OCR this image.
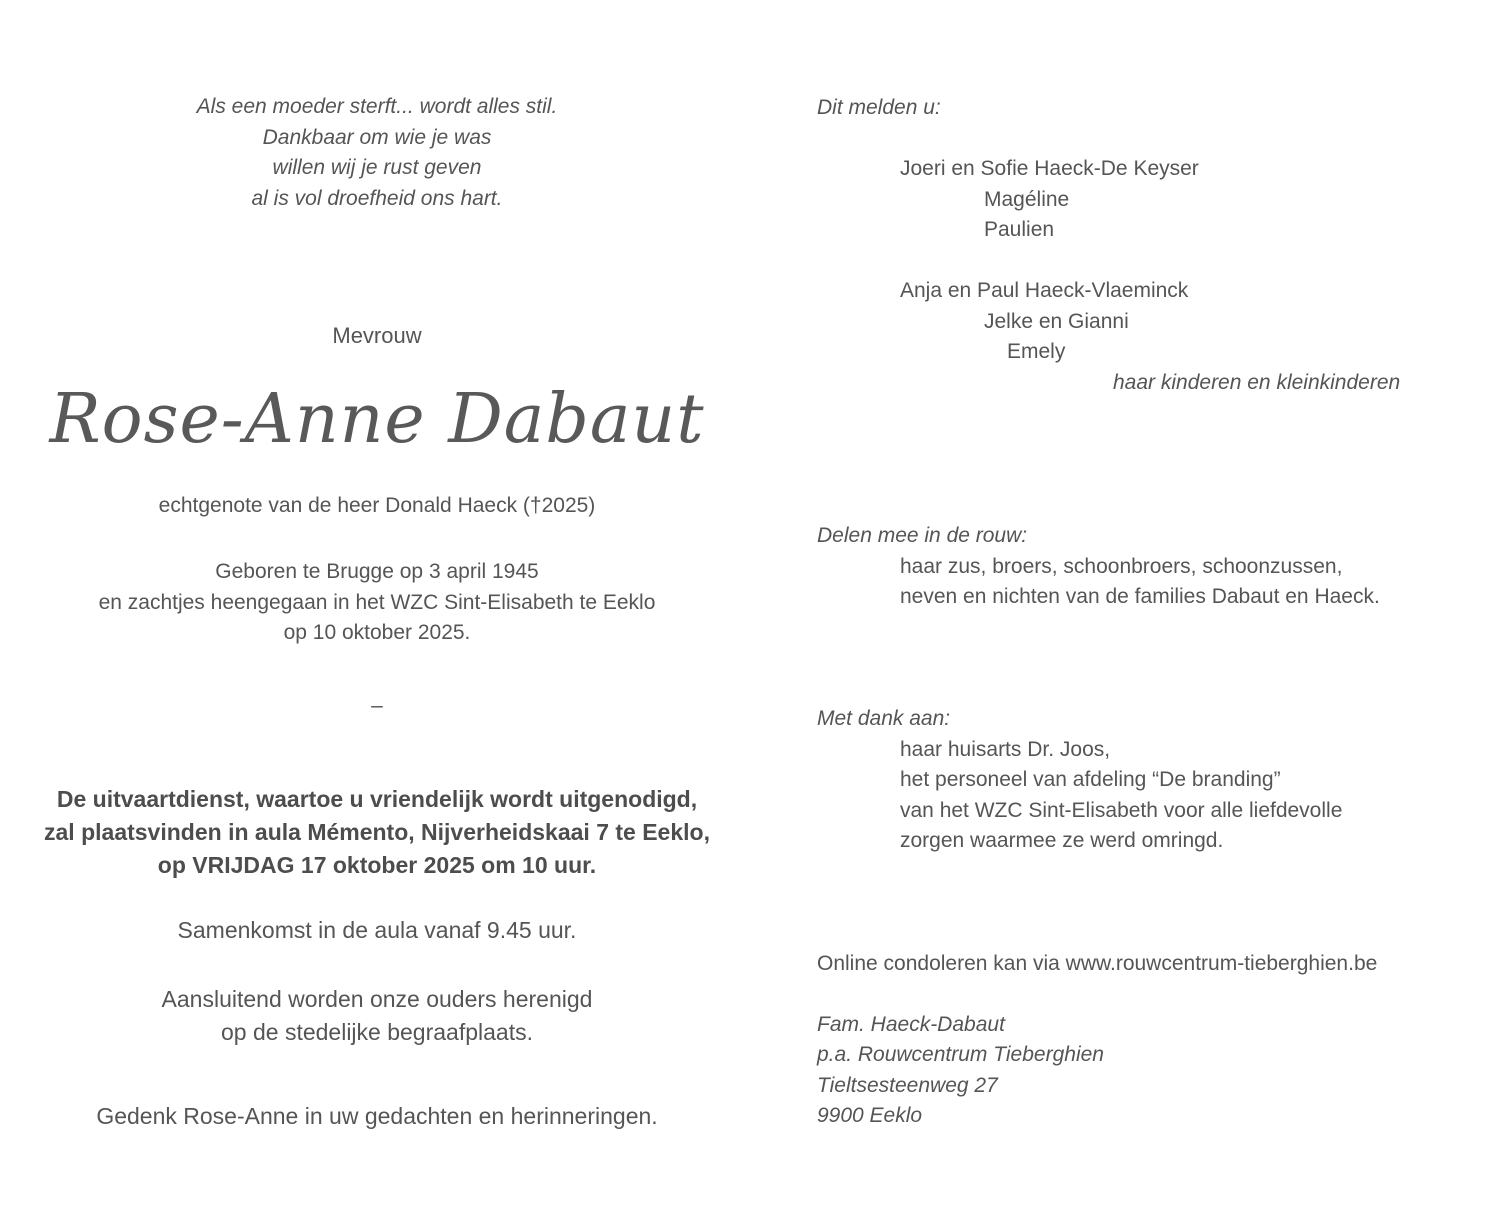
Als een moeder sterft... wordt alles stil.
Dankbaar om wie je was
willen wij je rust geven
al is vol droefheid ons hart.
Mevrouw
Rose-Anne Dabaut
echtgenote van de heer Donald Haeck (†2025)
Geboren te Brugge op 3 april 1945
en zachtjes heengegaan in het WZC Sint-Elisabeth te Eeklo
op 10 oktober 2025.
–
De uitvaartdienst, waartoe u vriendelijk wordt uitgenodigd,
zal plaatsvinden in aula Mémento, Nijverheidskaai 7 te Eeklo,
op VRIJDAG 17 oktober 2025 om 10 uur.
Samenkomst in de aula vanaf 9.45 uur.
Aansluitend worden onze ouders herenigd
op de stedelijke begraafplaats.
Gedenk Rose-Anne in uw gedachten en herinneringen.
Dit melden u:
Joeri en Sofie Haeck-De Keyser
Magéline
Paulien
Anja en Paul Haeck-Vlaeminck
Jelke en Gianni
Emely
haar kinderen en kleinkinderen
Delen mee in de rouw:
haar zus, broers, schoonbroers, schoonzussen,
neven en nichten van de families Dabaut en Haeck.
Met dank aan:
haar huisarts Dr. Joos,
het personeel van afdeling “De branding”
van het WZC Sint-Elisabeth voor alle liefdevolle
zorgen waarmee ze werd omringd.
Online condoleren kan via www.rouwcentrum-tieberghien.be
Fam. Haeck-Dabaut
p.a. Rouwcentrum Tieberghien
Tieltsesteenweg 27
9900 Eeklo
